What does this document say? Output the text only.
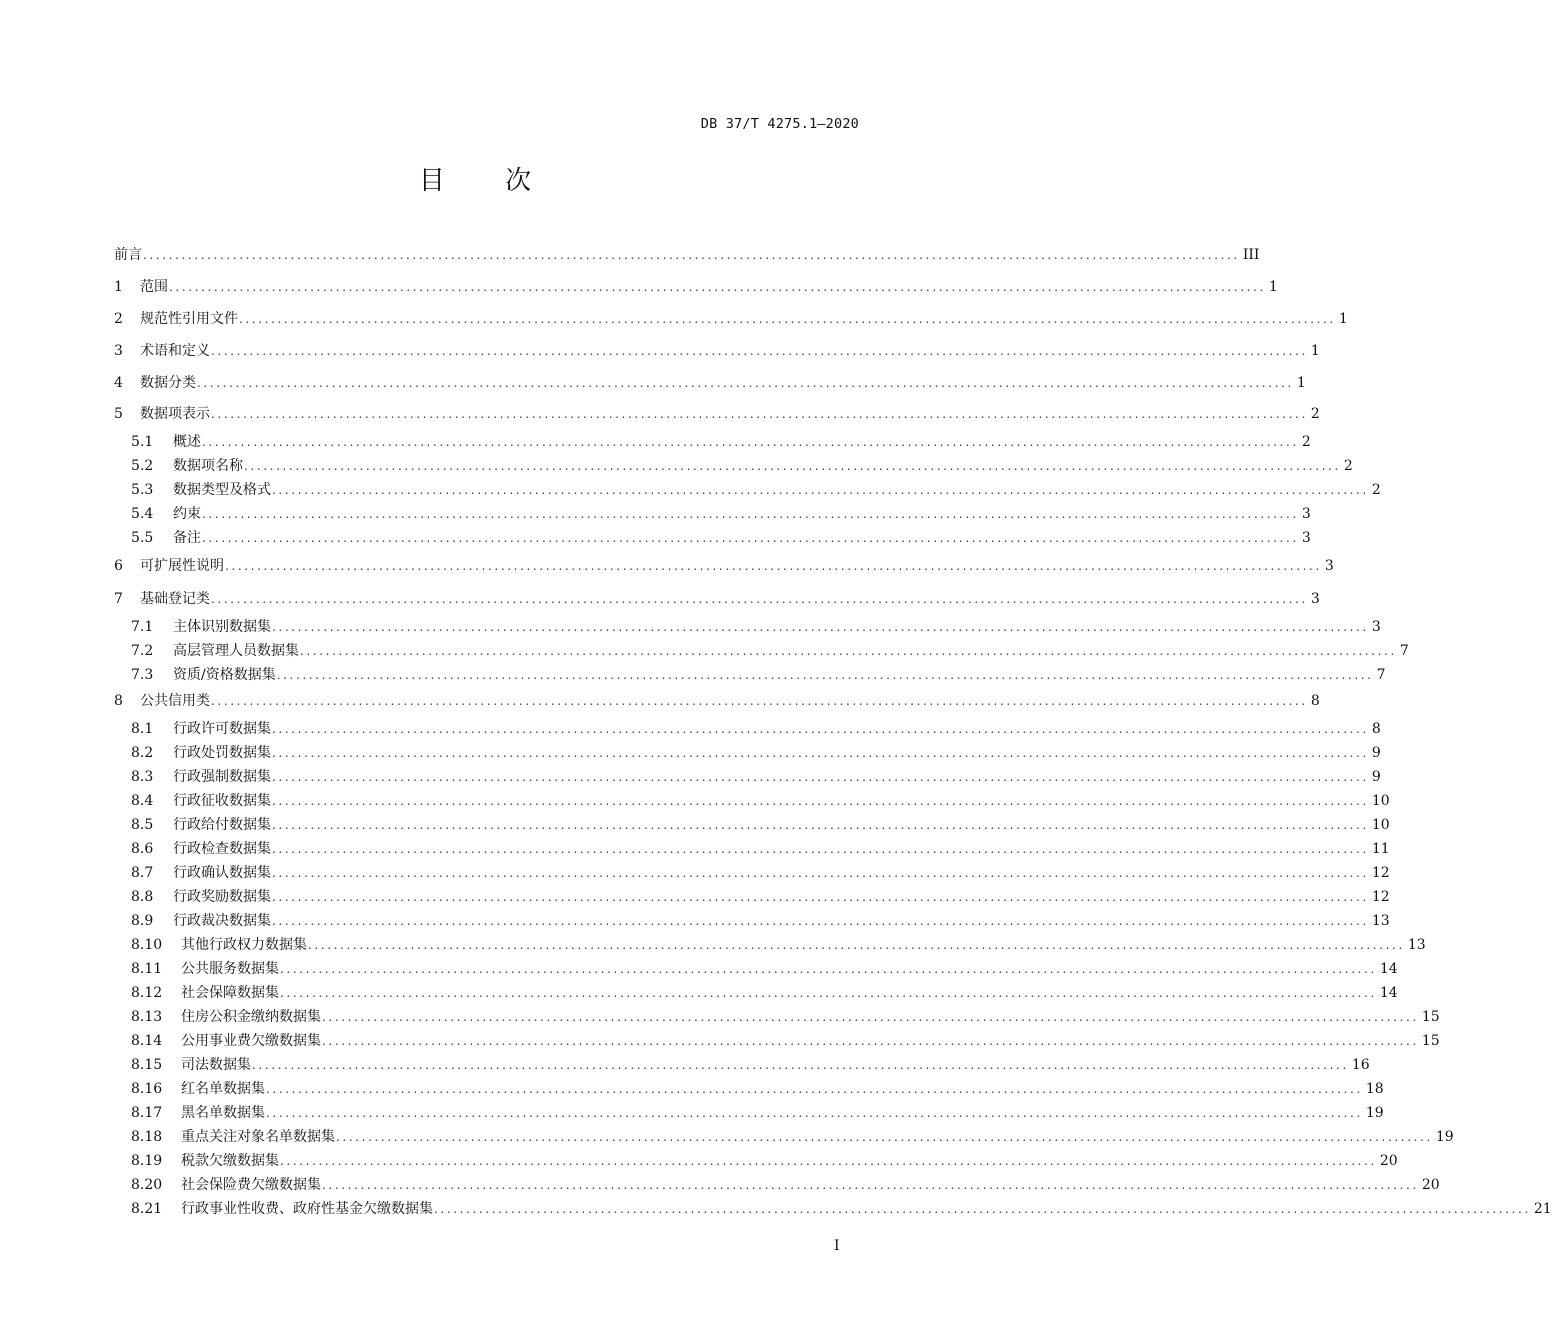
DB 37/T 4275.1—2020
目 次
前言 ........................................................................................................................................................................... III
1	范围 ........................................................................................................................................................................... 1
2	规范性引用文件 ........................................................................................................................................................................... 1
3	术语和定义 ........................................................................................................................................................................... 1
4	数据分类 ........................................................................................................................................................................... 1
5	数据项表示 ........................................................................................................................................................................... 2
5.1	概述 ........................................................................................................................................................................... 2
5.2	数据项名称 ........................................................................................................................................................................... 2
5.3	数据类型及格式 ........................................................................................................................................................................... 2
5.4	约束 ........................................................................................................................................................................... 3
5.5	备注 ........................................................................................................................................................................... 3
6	可扩展性说明 ........................................................................................................................................................................... 3
7	基础登记类 ........................................................................................................................................................................... 3
7.1	主体识别数据集 ........................................................................................................................................................................... 3
7.2	高层管理人员数据集 ........................................................................................................................................................................... 7
7.3	资质/资格数据集 ........................................................................................................................................................................... 7
8	公共信用类 ........................................................................................................................................................................... 8
8.1	行政许可数据集 ........................................................................................................................................................................... 8
8.2	行政处罚数据集 ........................................................................................................................................................................... 9
8.3	行政强制数据集 ........................................................................................................................................................................... 9
8.4	行政征收数据集 ........................................................................................................................................................................... 10
8.5	行政给付数据集 ........................................................................................................................................................................... 10
8.6	行政检查数据集 ........................................................................................................................................................................... 11
8.7	行政确认数据集 ........................................................................................................................................................................... 12
8.8	行政奖励数据集 ........................................................................................................................................................................... 12
8.9	行政裁决数据集 ........................................................................................................................................................................... 13
8.10	其他行政权力数据集 ........................................................................................................................................................................... 13
8.11	公共服务数据集 ........................................................................................................................................................................... 14
8.12	社会保障数据集 ........................................................................................................................................................................... 14
8.13	住房公积金缴纳数据集 ........................................................................................................................................................................... 15
8.14	公用事业费欠缴数据集 ........................................................................................................................................................................... 15
8.15	司法数据集 ........................................................................................................................................................................... 16
8.16	红名单数据集 ........................................................................................................................................................................... 18
8.17	黑名单数据集 ........................................................................................................................................................................... 19
8.18	重点关注对象名单数据集 ........................................................................................................................................................................... 19
8.19	税款欠缴数据集 ........................................................................................................................................................................... 20
8.20	社会保险费欠缴数据集 ........................................................................................................................................................................... 20
8.21	行政事业性收费、政府性基金欠缴数据集 ........................................................................................................................................................................... 21
I
